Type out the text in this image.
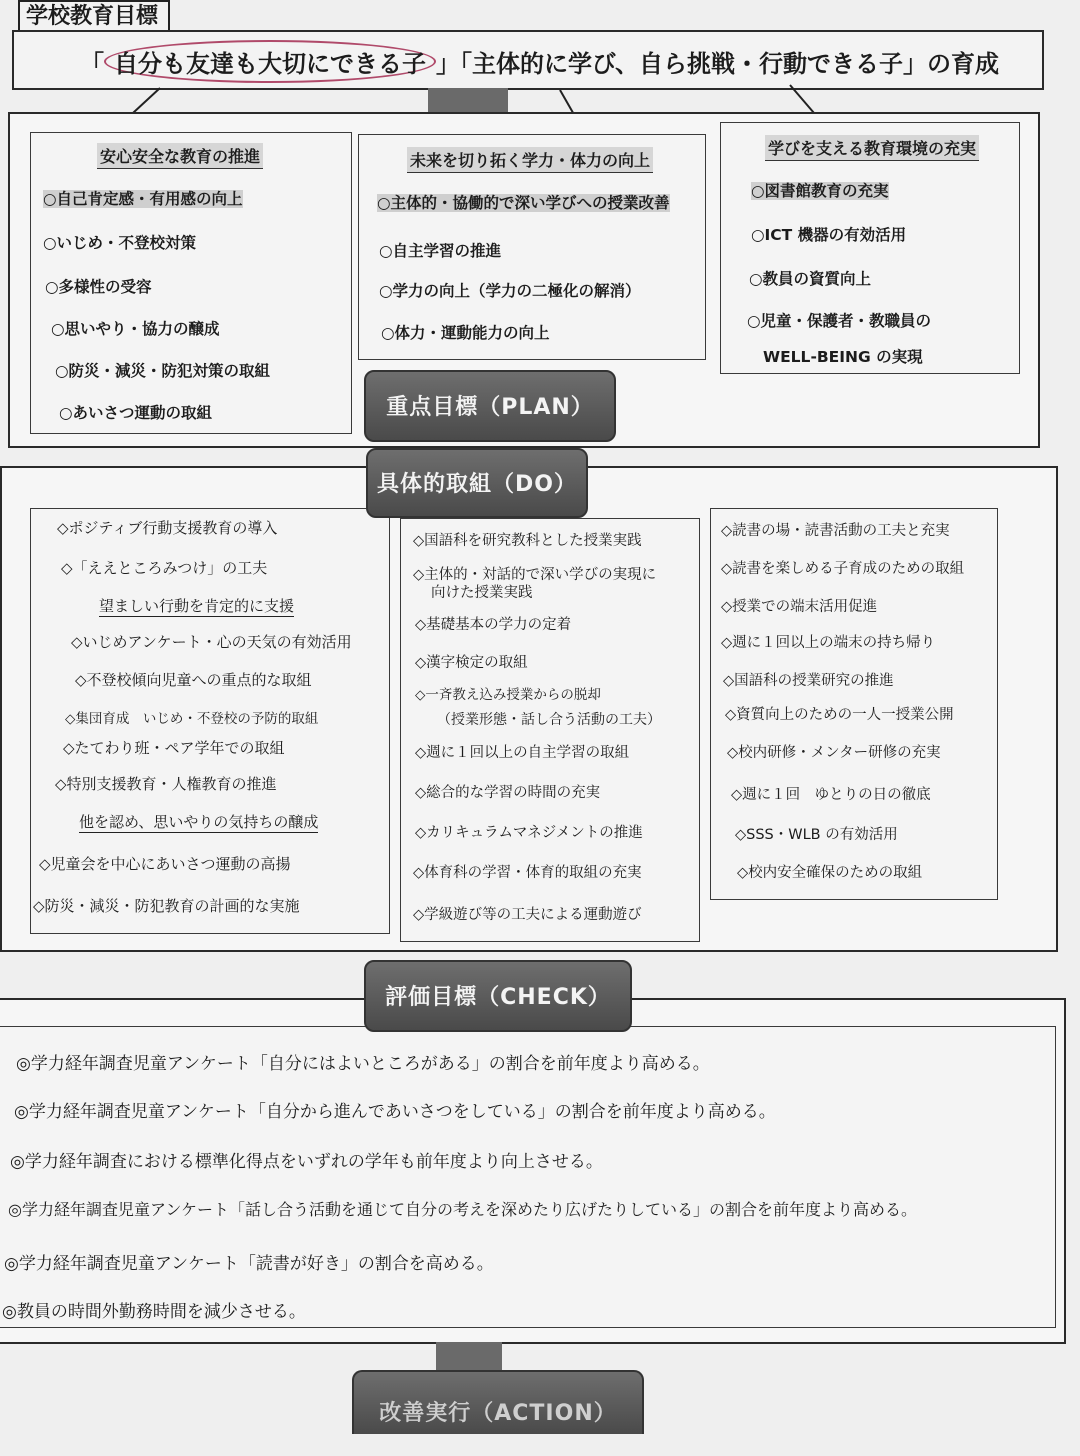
学校教育目標
「 自分も友達も大切にできる子 」「主体的に学び、自ら挑戦・行動できる子」の育成
安心安全な教育の推進
○自己肯定感・有用感の向上
○いじめ・不登校対策
○多様性の受容
○思いやり・協力の醸成
○防災・減災・防犯対策の取組
○あいさつ運動の取組
未来を切り拓く学力・体力の向上
○主体的・協働的で深い学びへの授業改善
○自主学習の推進
○学力の向上（学力の二極化の解消）
○体力・運動能力の向上
学びを支える教育環境の充実
○図書館教育の充実
○ICT 機器の有効活用
○教員の資質向上
○児童・保護者・教職員の
WELL-BEING の実現
重点目標（PLAN）
具体的取組（DO）
◇ポジティブ行動支援教育の導入
◇「ええところみつけ」の工夫
望ましい行動を肯定的に支援
◇いじめアンケート・心の天気の有効活用
◇不登校傾向児童への重点的な取組
◇集団育成　いじめ・不登校の予防的取組
◇たてわり班・ペア学年での取組
◇特別支援教育・人権教育の推進
他を認め、思いやりの気持ちの醸成
◇児童会を中心にあいさつ運動の高揚
◇防災・減災・防犯教育の計画的な実施
◇国語科を研究教科とした授業実践
◇主体的・対話的で深い学びの実現に
向けた授業実践
◇基礎基本の学力の定着
◇漢字検定の取組
◇一斉教え込み授業からの脱却
（授業形態・話し合う活動の工夫）
◇週に１回以上の自主学習の取組
◇総合的な学習の時間の充実
◇カリキュラムマネジメントの推進
◇体育科の学習・体育的取組の充実
◇学級遊び等の工夫による運動遊び
◇読書の場・読書活動の工夫と充実
◇読書を楽しめる子育成のための取組
◇授業での端末活用促進
◇週に１回以上の端末の持ち帰り
◇国語科の授業研究の推進
◇資質向上のための一人一授業公開
◇校内研修・メンター研修の充実
◇週に１回　ゆとりの日の徹底
◇SSS・WLB の有効活用
◇校内安全確保のための取組
評価目標（CHECK）
◎学力経年調査児童アンケート「自分にはよいところがある」の割合を前年度より高める。
◎学力経年調査児童アンケート「自分から進んであいさつをしている」の割合を前年度より高める。
◎学力経年調査における標準化得点をいずれの学年も前年度より向上させる。
◎学力経年調査児童アンケート「話し合う活動を通じて自分の考えを深めたり広げたりしている」の割合を前年度より高める。
◎学力経年調査児童アンケート「読書が好き」の割合を高める。
◎教員の時間外勤務時間を減少させる。
改善実行（ACTION）
